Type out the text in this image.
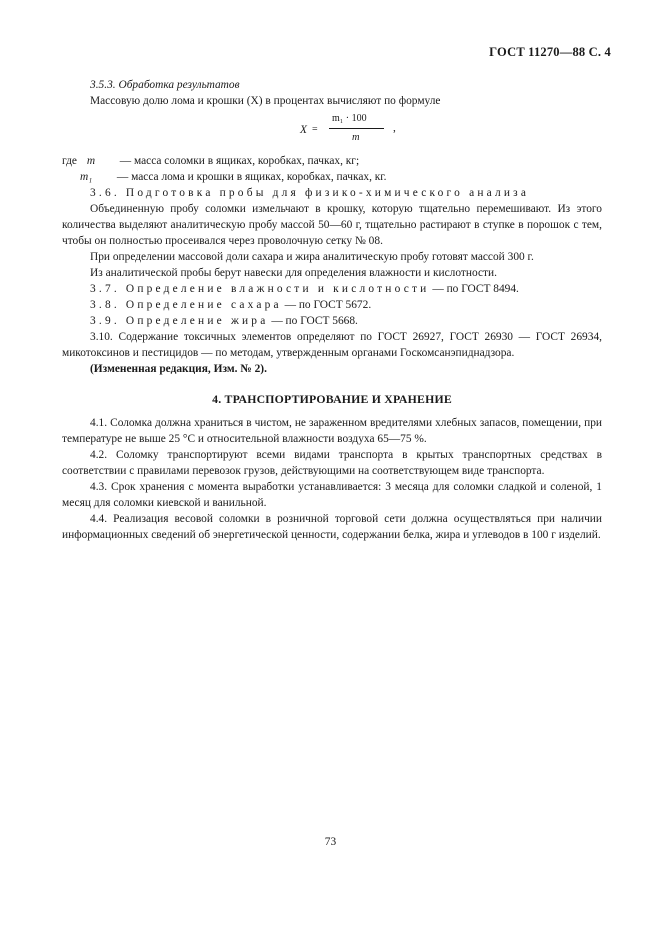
ГОСТ 11270—88 С. 4

3.5.3. Обработка результатов

Массовую долю лома и крошки (X) в процентах вычисляют по формуле

X =
m₁ · 100
m
,
где m — масса соломки в ящиках, коробках, пачках, кг;
m₁ — масса лома и крошки в ящиках, коробках, пачках, кг.

3.6. Подготовка пробы для физико-химического анализа

Объединенную пробу соломки измельчают в крошку, которую тщательно перемешивают. Из этого количества выделяют аналитическую пробу массой 50—60 г, тщательно растирают в ступке в порошок с тем, чтобы он полностью просеивался через проволочную сетку № 08.

При определении массовой доли сахара и жира аналитическую пробу готовят массой 300 г.

Из аналитической пробы берут навески для определения влажности и кислотности.

3.7. Определение влажности и кислотности — по ГОСТ 8494.

3.8. Определение сахара — по ГОСТ 5672.

3.9. Определение жира — по ГОСТ 5668.

3.10. Содержание токсичных элементов определяют по ГОСТ 26927, ГОСТ 26930 — ГОСТ 26934, микотоксинов и пестицидов — по методам, утвержденным органами Госкомсанэпиднадзора.

(Измененная редакция, Изм. № 2).

4. ТРАНСПОРТИРОВАНИЕ И ХРАНЕНИЕ

4.1. Соломка должна храниться в чистом, не зараженном вредителями хлебных запасов, помещении, при температуре не выше 25 °С и относительной влажности воздуха 65—75 %.

4.2. Соломку транспортируют всеми видами транспорта в крытых транспортных средствах в соответствии с правилами перевозок грузов, действующими на соответствующем виде транспорта.

4.3. Срок хранения с момента выработки устанавливается: 3 месяца для соломки сладкой и соленой, 1 месяц для соломки киевской и ванильной.

4.4. Реализация весовой соломки в розничной торговой сети должна осуществляться при наличии информационных сведений об энергетической ценности, содержании белка, жира и углеводов в 100 г изделий.

73
